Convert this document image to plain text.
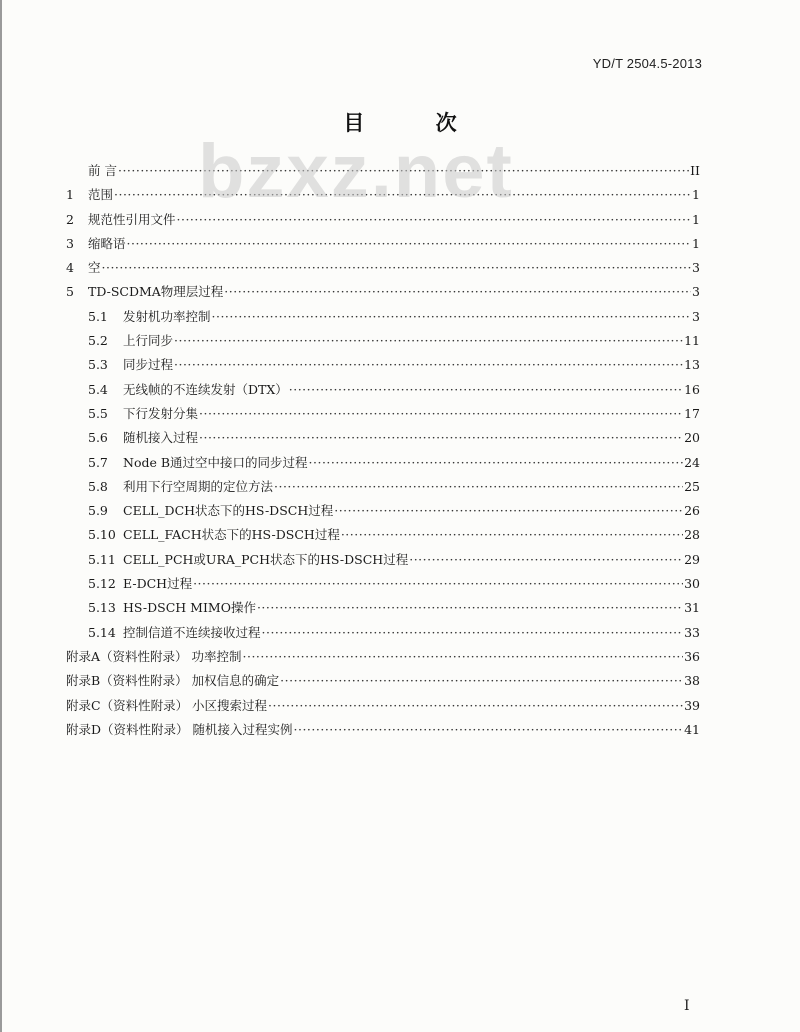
YD/T 2504.5-2013
目 次
前 言 ·····	II
1	范围 ·····	1
2	规范性引用文件 ·····	1
3	缩略语 ·····	1
4	空 ·····	3
5	TD-SCDMA物理层过程 ·····	3
5.1	发射机功率控制 ·····	3
5.2	上行同步 ·····	11
5.3	同步过程 ·····	13
5.4	无线帧的不连续发射（DTX） ·····	16
5.5	下行发射分集 ·····	17
5.6	随机接入过程 ·····	20
5.7	Node B通过空中接口的同步过程 ·····	24
5.8	利用下行空周期的定位方法 ·····	25
5.9	CELL_DCH状态下的HS-DSCH过程 ·····	26
5.10 CELL_FACH状态下的HS-DSCH过程 ·····	28
5.11 CELL_PCH或URA_PCH状态下的HS-DSCH过程 ·····	29
5.12 E-DCH过程 ·····	30
5.13 HS-DSCH MIMO操作 ·····	31
5.14 控制信道不连续接收过程 ·····	33
附录A（资料性附录） 功率控制 ·····	36
附录B（资料性附录） 加权信息的确定 ·····	38
附录C（资料性附录） 小区搜索过程 ·····	39
附录D（资料性附录） 随机接入过程实例 ·····	41
bzxz.net
I
